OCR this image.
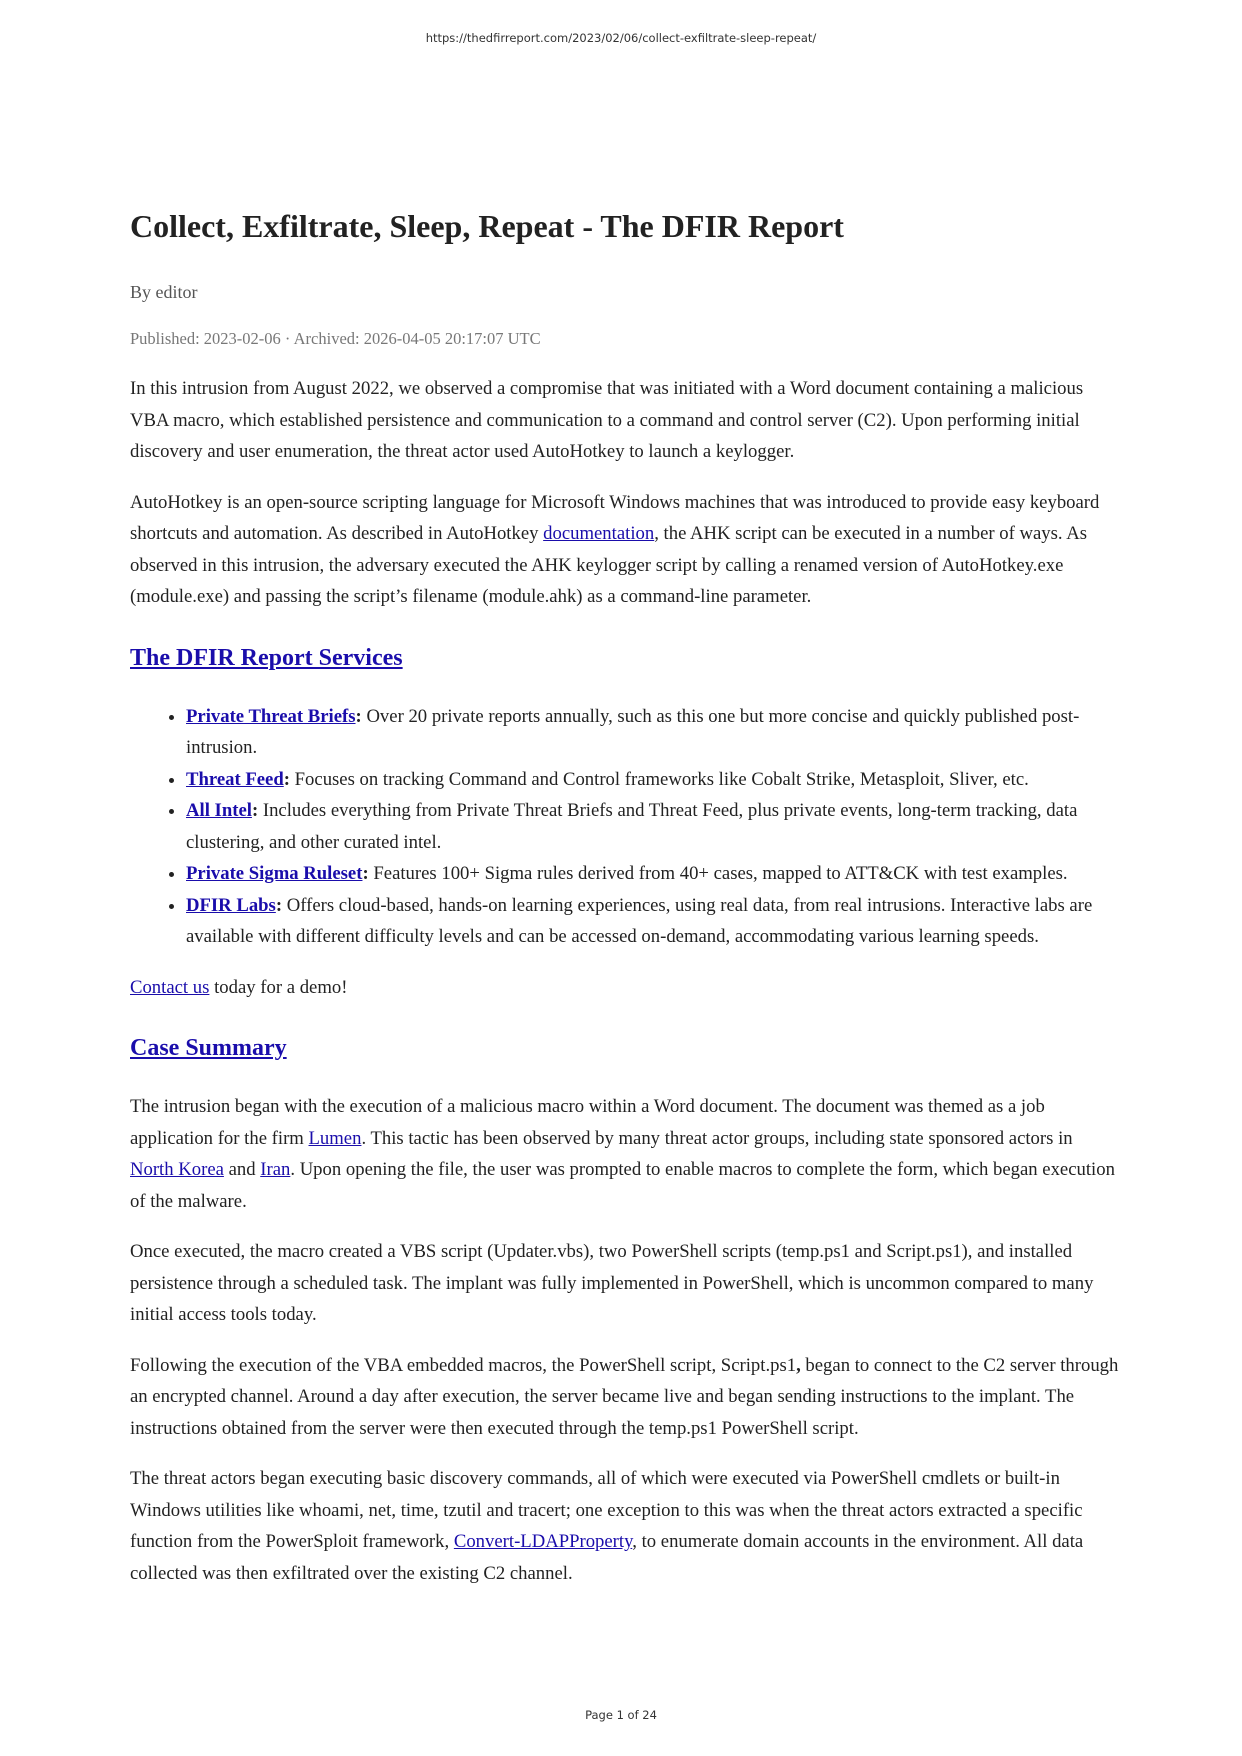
https://thedfirreport.com/2023/02/06/collect-exfiltrate-sleep-repeat/
Collect, Exfiltrate, Sleep, Repeat - The DFIR Report
By editor
Published: 2023-02-06 · Archived: 2026-04-05 20:17:07 UTC

In this intrusion from August 2022, we observed a compromise that was initiated with a Word document containing a malicious VBA macro, which established persistence and communication to a command and control server (C2). Upon performing initial discovery and user enumeration, the threat actor used AutoHotkey to launch a keylogger.

AutoHotkey is an open-source scripting language for Microsoft Windows machines that was introduced to provide easy keyboard shortcuts and automation. As described in AutoHotkey documentation, the AHK script can be executed in a number of ways. As observed in this intrusion, the adversary executed the AHK keylogger script by calling a renamed version of AutoHotkey.exe (module.exe) and passing the script’s filename (module.ahk) as a command-line parameter.

The DFIR Report Services
• Private Threat Briefs: Over 20 private reports annually, such as this one but more concise and quickly published post-intrusion.
• Threat Feed: Focuses on tracking Command and Control frameworks like Cobalt Strike, Metasploit, Sliver, etc.
• All Intel: Includes everything from Private Threat Briefs and Threat Feed, plus private events, long-term tracking, data clustering, and other curated intel.
• Private Sigma Ruleset: Features 100+ Sigma rules derived from 40+ cases, mapped to ATT&CK with test examples.
• DFIR Labs: Offers cloud-based, hands-on learning experiences, using real data, from real intrusions. Interactive labs are available with different difficulty levels and can be accessed on-demand, accommodating various learning speeds.

Contact us today for a demo!

Case Summary

The intrusion began with the execution of a malicious macro within a Word document. The document was themed as a job application for the firm Lumen. This tactic has been observed by many threat actor groups, including state sponsored actors in North Korea and Iran. Upon opening the file, the user was prompted to enable macros to complete the form, which began execution of the malware.

Once executed, the macro created a VBS script (Updater.vbs), two PowerShell scripts (temp.ps1 and Script.ps1), and installed persistence through a scheduled task. The implant was fully implemented in PowerShell, which is uncommon compared to many initial access tools today.

Following the execution of the VBA embedded macros, the PowerShell script, Script.ps1, began to connect to the C2 server through an encrypted channel. Around a day after execution, the server became live and began sending instructions to the implant. The instructions obtained from the server were then executed through the temp.ps1 PowerShell script.

The threat actors began executing basic discovery commands, all of which were executed via PowerShell cmdlets or built-in Windows utilities like whoami, net, time, tzutil and tracert; one exception to this was when the threat actors extracted a specific function from the PowerSploit framework, Convert-LDAPProperty, to enumerate domain accounts in the environment. All data collected was then exfiltrated over the existing C2 channel.

Page 1 of 24
